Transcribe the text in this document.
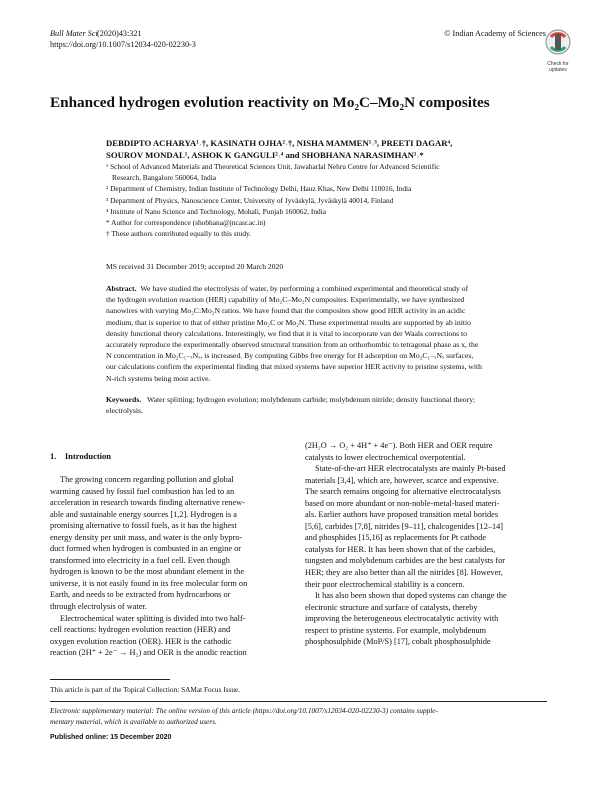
Bull Mater Sci (2020)43:321
https://doi.org/10.1007/s12034-020-02230-3
© Indian Academy of Sciences
Check for updates
Enhanced hydrogen evolution reactivity on Mo₂C–Mo₂N composites
DEBDIPTO ACHARYA¹˒†, KASINATH OJHA²˒†, NISHA MAMMEN¹˒³, PREETI DAGAR⁴,
SOUROV MONDAL¹, ASHOK K GANGULI²˒⁴ and SHOBHANA NARASIMHAN¹˒*
¹ School of Advanced Materials and Theoretical Sciences Unit, Jawaharlal Nehru Centre for Advanced Scientific
Research, Bangalore 560064, India
² Department of Chemistry, Indian Institute of Technology Delhi, Hauz Khas, New Delhi 110016, India
³ Department of Physics, Nanoscience Center, University of Jyväskylä, Jyväskylä 40014, Finland
⁴ Institute of Nano Science and Technology, Mohali, Punjab 160062, India
* Author for correspondence (shobhana@jncasr.ac.in)
† These authors contributed equally to this study.
MS received 31 December 2019; accepted 20 March 2020
Abstract. We have studied the electrolysis of water, by performing a combined experimental and theoretical study of
the hydrogen evolution reaction (HER) capability of Mo₂C–Mo₂N composites. Experimentally, we have synthesized
nanowires with varying Mo₂C:Mo₂N ratios. We have found that the composites show good HER activity in an acidic
medium, that is superior to that of either pristine Mo₂C or Mo₂N. These experimental results are supported by ab initio
density functional theory calculations. Interestingly, we find that it is vital to incorporate van der Waals corrections to
accurately reproduce the experimentally observed structural transition from an orthorhombic to tetragonal phase as x, the
N concentration in Mo₂C₁₋ₓNₓ, is increased. By computing Gibbs free energy for H adsorption on Mo₂C₁₋ₓNₓ surfaces,
our calculations confirm the experimental finding that mixed systems have superior HER activity to pristine systems, with
N-rich systems being most active.
Keywords. Water splitting; hydrogen evolution; molybdenum carbide; molybdenum nitride; density functional theory;
electrolysis.
1. Introduction
The growing concern regarding pollution and global
warming caused by fossil fuel combustion has led to an
acceleration in research towards finding alternative renew-
able and sustainable energy sources [1,2]. Hydrogen is a
promising alternative to fossil fuels, as it has the highest
energy density per unit mass, and water is the only bypro-
duct formed when hydrogen is combusted in an engine or
transformed into electricity in a fuel cell. Even though
hydrogen is known to be the most abundant element in the
universe, it is not easily found in its free molecular form on
Earth, and needs to be extracted from hydrocarbons or
through electrolysis of water.
Electrochemical water splitting is divided into two half-
cell reactions: hydrogen evolution reaction (HER) and
oxygen evolution reaction (OER). HER is the cathodic
reaction (2H⁺ + 2e⁻ → H₂) and OER is the anodic reaction
(2H₂O → O₂ + 4H⁺ + 4e⁻). Both HER and OER require
catalysts to lower electrochemical overpotential.
State-of-the-art HER electrocatalysts are mainly Pt-based
materials [3,4], which are, however, scarce and expensive.
The search remains ongoing for alternative electrocatalysts
based on more abundant or non-noble-metal-based materi-
als. Earlier authors have proposed transition metal borides
[5,6], carbides [7,8], nitrides [9–11], chalcogenides [12–14]
and phosphides [15,16] as replacements for Pt cathode
catalysts for HER. It has been shown that of the carbides,
tungsten and molybdenum carbides are the best catalysts for
HER; they are also better than all the nitrides [8]. However,
their poor electrochemical stability is a concern.
It has also been shown that doped systems can change the
electronic structure and surface of catalysts, thereby
improving the heterogeneous electrocatalytic activity with
respect to pristine systems. For example, molybdenum
phosphosulphide (MoP/S) [17], cobalt phosphosulphide
This article is part of the Topical Collection: SAMat Focus Issue.
Electronic supplementary material: The online version of this article (https://doi.org/10.1007/s12034-020-02230-3) contains supple-
mentary material, which is available to authorized users.
Published online: 15 December 2020
